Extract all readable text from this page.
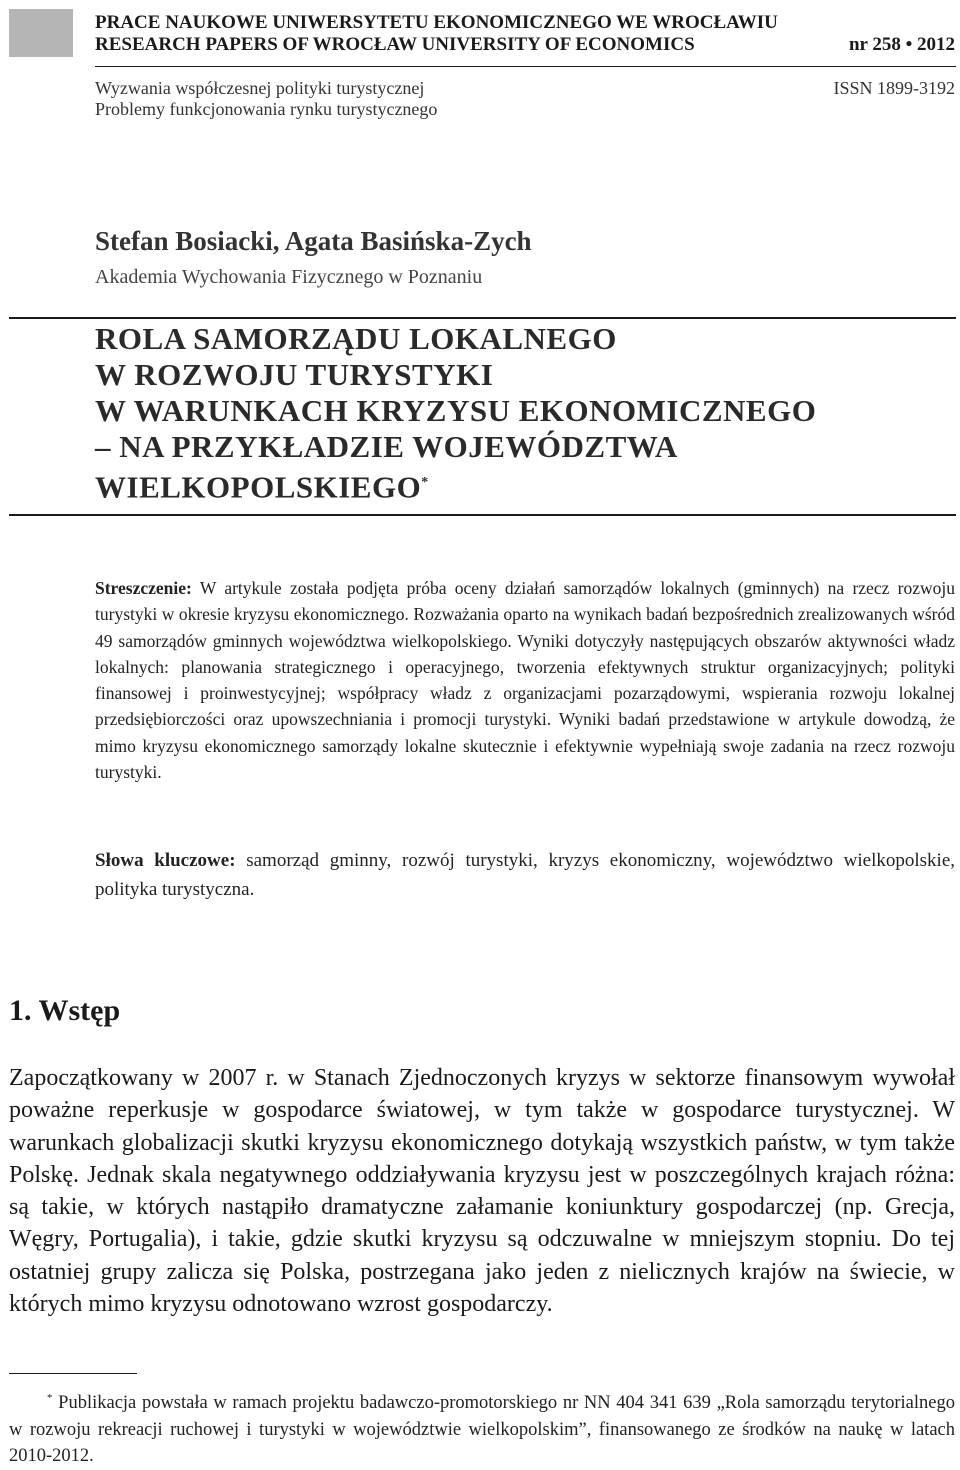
PRACE NAUKOWE UNIWERSYTETU EKONOMICZNEGO WE WROCŁAWIU
RESEARCH PAPERS OF WROCŁAW UNIVERSITY OF ECONOMICS	nr 258 • 2012
Wyzwania współczesnej polityki turystycznej	ISSN 1899-3192
Problemy funkcjonowania rynku turystycznego
Stefan Bosiacki, Agata Basińska-Zych
Akademia Wychowania Fizycznego w Poznaniu
ROLA SAMORZĄDU LOKALNEGO
W ROZWOJU TURYSTYKI
W WARUNKACH KRYZYSU EKONOMICZNEGO
– NA PRZYKŁADZIE WOJEWÓDZTWA
WIELKOPOLSKIEGO*
Streszczenie: W artykule została podjęta próba oceny działań samorządów lokalnych (gminnych) na rzecz rozwoju turystyki w okresie kryzysu ekonomicznego. Rozważania oparto na wynikach badań bezpośrednich zrealizowanych wśród 49 samorządów gminnych województwa wielkopolskiego. Wyniki dotyczyły następujących obszarów aktywności władz lokalnych: planowania strategicznego i operacyjnego, tworzenia efektywnych struktur organizacyjnych; polityki finansowej i proinwestycyjnej; współpracy władz z organizacjami pozarządowymi, wspierania rozwoju lokalnej przedsiębiorczości oraz upowszechniania i promocji turystyki. Wyniki badań przedstawione w artykule dowodzą, że mimo kryzysu ekonomicznego samorządy lokalne skutecznie i efektywnie wypełniają swoje zadania na rzecz rozwoju turystyki.
Słowa kluczowe: samorząd gminny, rozwój turystyki, kryzys ekonomiczny, województwo wielkopolskie, polityka turystyczna.
1. Wstęp
Zapoczątkowany w 2007 r. w Stanach Zjednoczonych kryzys w sektorze finansowym wywołał poważne reperkusje w gospodarce światowej, w tym także w gospodarce turystycznej. W warunkach globalizacji skutki kryzysu ekonomicznego dotykają wszystkich państw, w tym także Polskę. Jednak skala negatywnego oddziaływania kryzysu jest w poszczególnych krajach różna: są takie, w których nastąpiło dramatyczne załamanie koniunktury gospodarczej (np. Grecja, Węgry, Portugalia), i takie, gdzie skutki kryzysu są odczuwalne w mniejszym stopniu. Do tej ostatniej grupy zalicza się Polska, postrzegana jako jeden z nielicznych krajów na świecie, w których mimo kryzysu odnotowano wzrost gospodarczy.
* Publikacja powstała w ramach projektu badawczo-promotorskiego nr NN 404 341 639 „Rola samorządu terytorialnego w rozwoju rekreacji ruchowej i turystyki w województwie wielkopolskim”, finansowanego ze środków na naukę w latach 2010-2012.
